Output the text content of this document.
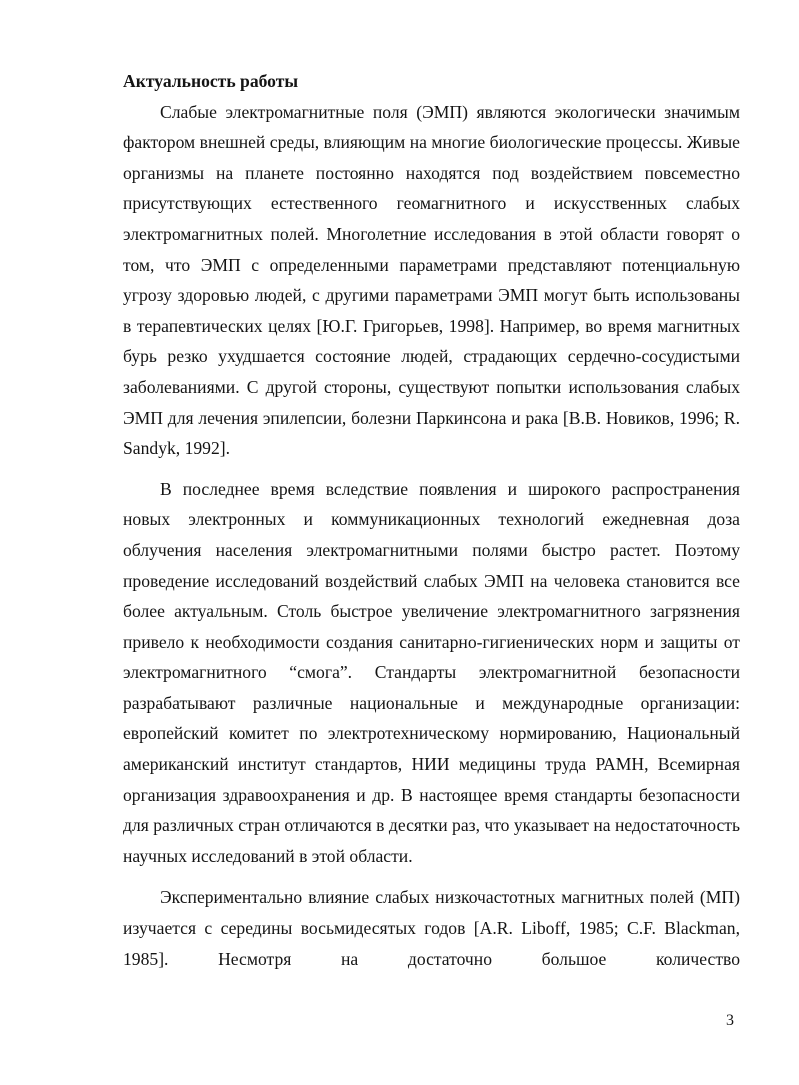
Актуальность работы

Слабые электромагнитные поля (ЭМП) являются экологически значимым фактором внешней среды, влияющим на многие биологические процессы. Живые организмы на планете постоянно находятся под воздействием повсеместно присутствующих естественного геомагнитного и искусственных слабых электромагнитных полей. Многолетние исследования в этой области говорят о том, что ЭМП с определенными параметрами представляют потенциальную угрозу здоровью людей, с другими параметрами ЭМП могут быть использованы в терапевтических целях [Ю.Г. Григорьев, 1998]. Например, во время магнитных бурь резко ухудшается состояние людей, страдающих сердечно-сосудистыми заболеваниями. С другой стороны, существуют попытки использования слабых ЭМП для лечения эпилепсии, болезни Паркинсона и рака [В.В. Новиков, 1996; R. Sandyk, 1992].

В последнее время вследствие появления и широкого распространения новых электронных и коммуникационных технологий ежедневная доза облучения населения электромагнитными полями быстро растет. Поэтому проведение исследований воздействий слабых ЭМП на человека становится все более актуальным. Столь быстрое увеличение электромагнитного загрязнения привело к необходимости создания санитарно-гигиенических норм и защиты от электромагнитного “смога”. Стандарты электромагнитной безопасности разрабатывают различные национальные и международные организации: европейский комитет по электротехническому нормированию, Национальный американский институт стандартов, НИИ медицины труда РАМН, Всемирная организация здравоохранения и др. В настоящее время стандарты безопасности для различных стран отличаются в десятки раз, что указывает на недостаточность научных исследований в этой области.

Экспериментально влияние слабых низкочастотных магнитных полей (МП) изучается с середины восьмидесятых годов [A.R. Liboff, 1985; C.F. Blackman, 1985]. Несмотря на достаточно большое количество

3
